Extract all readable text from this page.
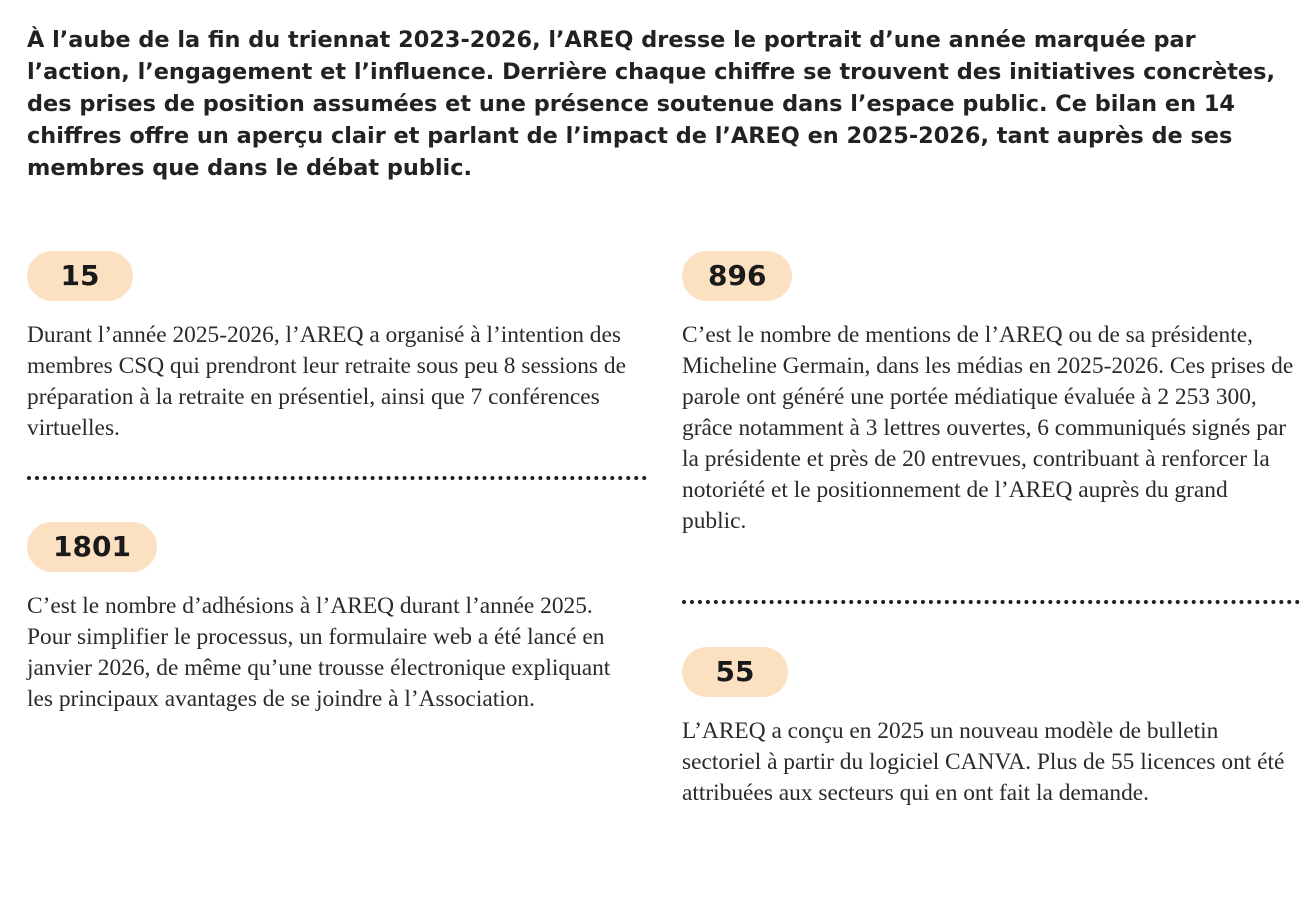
À l’aube de la fin du triennat 2023-2026, l’AREQ dresse le portrait d’une année marquée par l’action, l’engagement et l’influence. Derrière chaque chiffre se trouvent des initiatives concrètes, des prises de position assumées et une présence soutenue dans l’espace public. Ce bilan en 14 chiffres offre un aperçu clair et parlant de l’impact de l’AREQ en 2025-2026, tant auprès de ses membres que dans le débat public.

15

Durant l’année 2025-2026, l’AREQ a organisé à l’intention des membres CSQ qui prendront leur retraite sous peu 8 sessions de préparation à la retraite en présentiel, ainsi que 7 conférences virtuelles.

1801

C’est le nombre d’adhésions à l’AREQ durant l’année 2025. Pour simplifier le processus, un formulaire web a été lancé en janvier 2026, de même qu’une trousse électronique expliquant les principaux avantages de se joindre à l’Association.

896

C’est le nombre de mentions de l’AREQ ou de sa présidente, Micheline Germain, dans les médias en 2025-2026. Ces prises de parole ont généré une portée médiatique évaluée à 2 253 300, grâce notamment à 3 lettres ouvertes, 6 communiqués signés par la présidente et près de 20 entrevues, contribuant à renforcer la notoriété et le positionnement de l’AREQ auprès du grand public.

55

L’AREQ a conçu en 2025 un nouveau modèle de bulletin sectoriel à partir du logiciel CANVA. Plus de 55 licences ont été attribuées aux secteurs qui en ont fait la demande.
